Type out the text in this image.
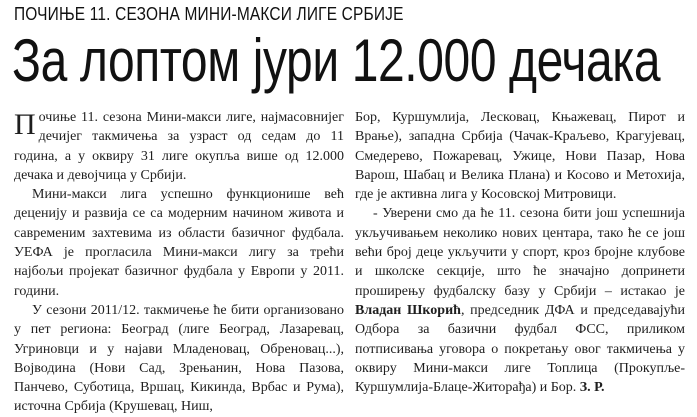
ПОЧИЊЕ 11. СЕЗОНА МИНИ-МАКСИ ЛИГЕ СРБИЈЕ
За лоптом јури 12.000 дечака

Почиње 11. сезона Мини-макси лиге, најмасовнијег дечијег такмичења за узраст од седам до 11 година, а у оквиру 31 лиге окупља више од 12.000 дечака и девојчица у Србији.

Мини-макси лига успешно функционише већ деценију и развија се са модерним начином живота и савременим захтевима из области базичног фудбала. УЕФА је прогласила Мини-макси лигу за трећи најбољи пројекат базичног фудбала у Европи у 2011. години.

У сезони 2011/12. такмичење ће бити организовано у пет региона: Београд (лиге Београд, Лазаревац, Угриновци и у најави Младеновац, Обреновац...), Војводина (Нови Сад, Зрењанин, Нова Пазова, Панчево, Суботица, Вршац, Кикинда, Врбас и Рума), источна Србија (Крушевац, Ниш,

Бор, Куршумлија, Лесковац, Књажевац, Пирот и Врање), западна Србија (Чачак-Краљево, Крагујевац, Смедерево, Пожаревац, Ужице, Нови Пазар, Нова Варош, Шабац и Велика Плана) и Косово и Метохија, где је активна лига у Косовској Митровици.

- Уверени смо да ће 11. сезона бити још успешнија укључивањем неколико нових центара, тако ће се још већи број деце укључити у спорт, кроз бројне клубове и школске секције, што ће значајно допринети проширењу фудбалску базу у Србији – истакао је Владан Шкорић, председник ДФА и председавајући Одбора за базични фудбал ФСС, приликом потписивања уговора о покретању овог такмичења у оквиру Мини-макси лиге Топлица (Прокупље-Куршумлија-Блаце-Житорађа) и Бор. З. Р.
